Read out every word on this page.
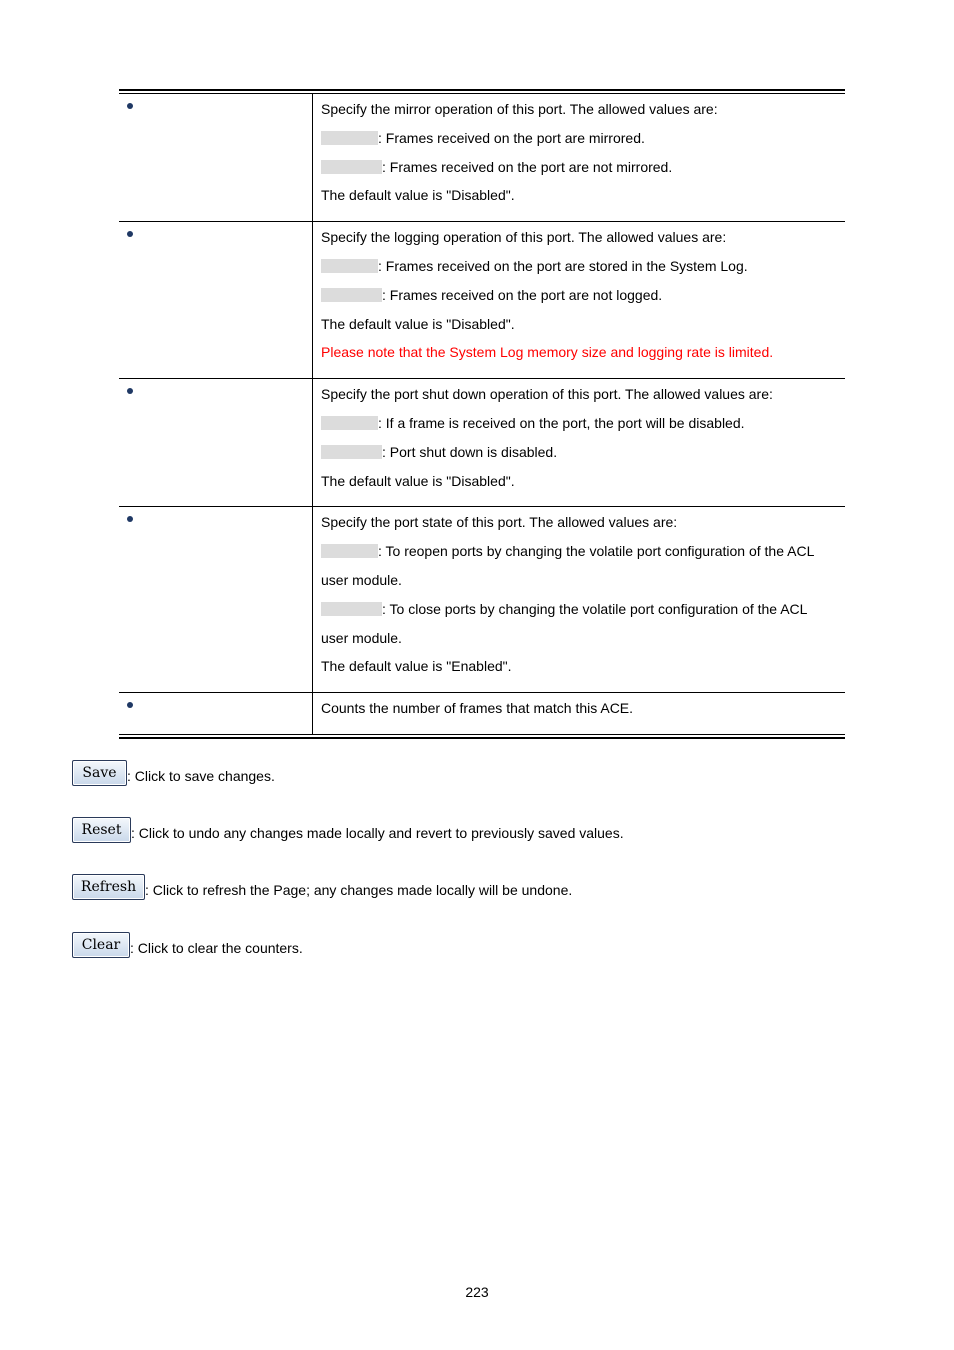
Specify the mirror operation of this port. The allowed values are:
: Frames received on the port are mirrored.
: Frames received on the port are not mirrored.
The default value is "Disabled".
Specify the logging operation of this port. The allowed values are:
: Frames received on the port are stored in the System Log.
: Frames received on the port are not logged.
The default value is "Disabled".
Please note that the System Log memory size and logging rate is limited.
Specify the port shut down operation of this port. The allowed values are:
: If a frame is received on the port, the port will be disabled.
: Port shut down is disabled.
The default value is "Disabled".
Specify the port state of this port. The allowed values are:
: To reopen ports by changing the volatile port configuration of the ACL
user module.
: To close ports by changing the volatile port configuration of the ACL
user module.
The default value is "Enabled".
Counts the number of frames that match this ACE.
Save : Click to save changes.
Reset : Click to undo any changes made locally and revert to previously saved values.
Refresh : Click to refresh the Page; any changes made locally will be undone.
Clear : Click to clear the counters.
223
